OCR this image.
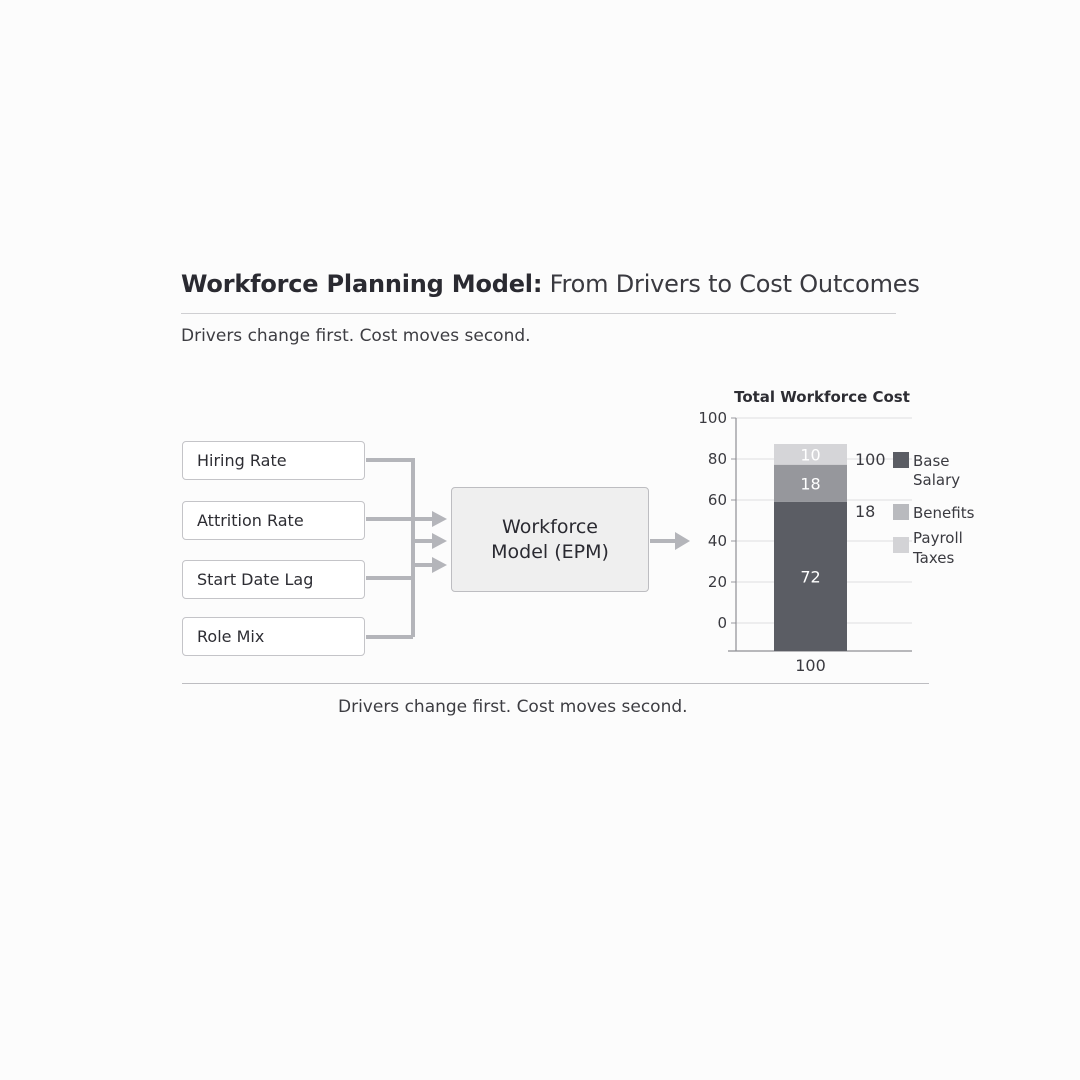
Workforce Planning Model: From Drivers to Cost Outcomes
Drivers change first. Cost moves second.
Hiring Rate
Attrition Rate
Start Date Lag
Role Mix
Workforce
Model (EPM)
Total Workforce Cost
100
80
60
40
20
0
72
18
10
100
100
18
Base
Salary
Benefits
Payroll
Taxes
Drivers change first. Cost moves second.
